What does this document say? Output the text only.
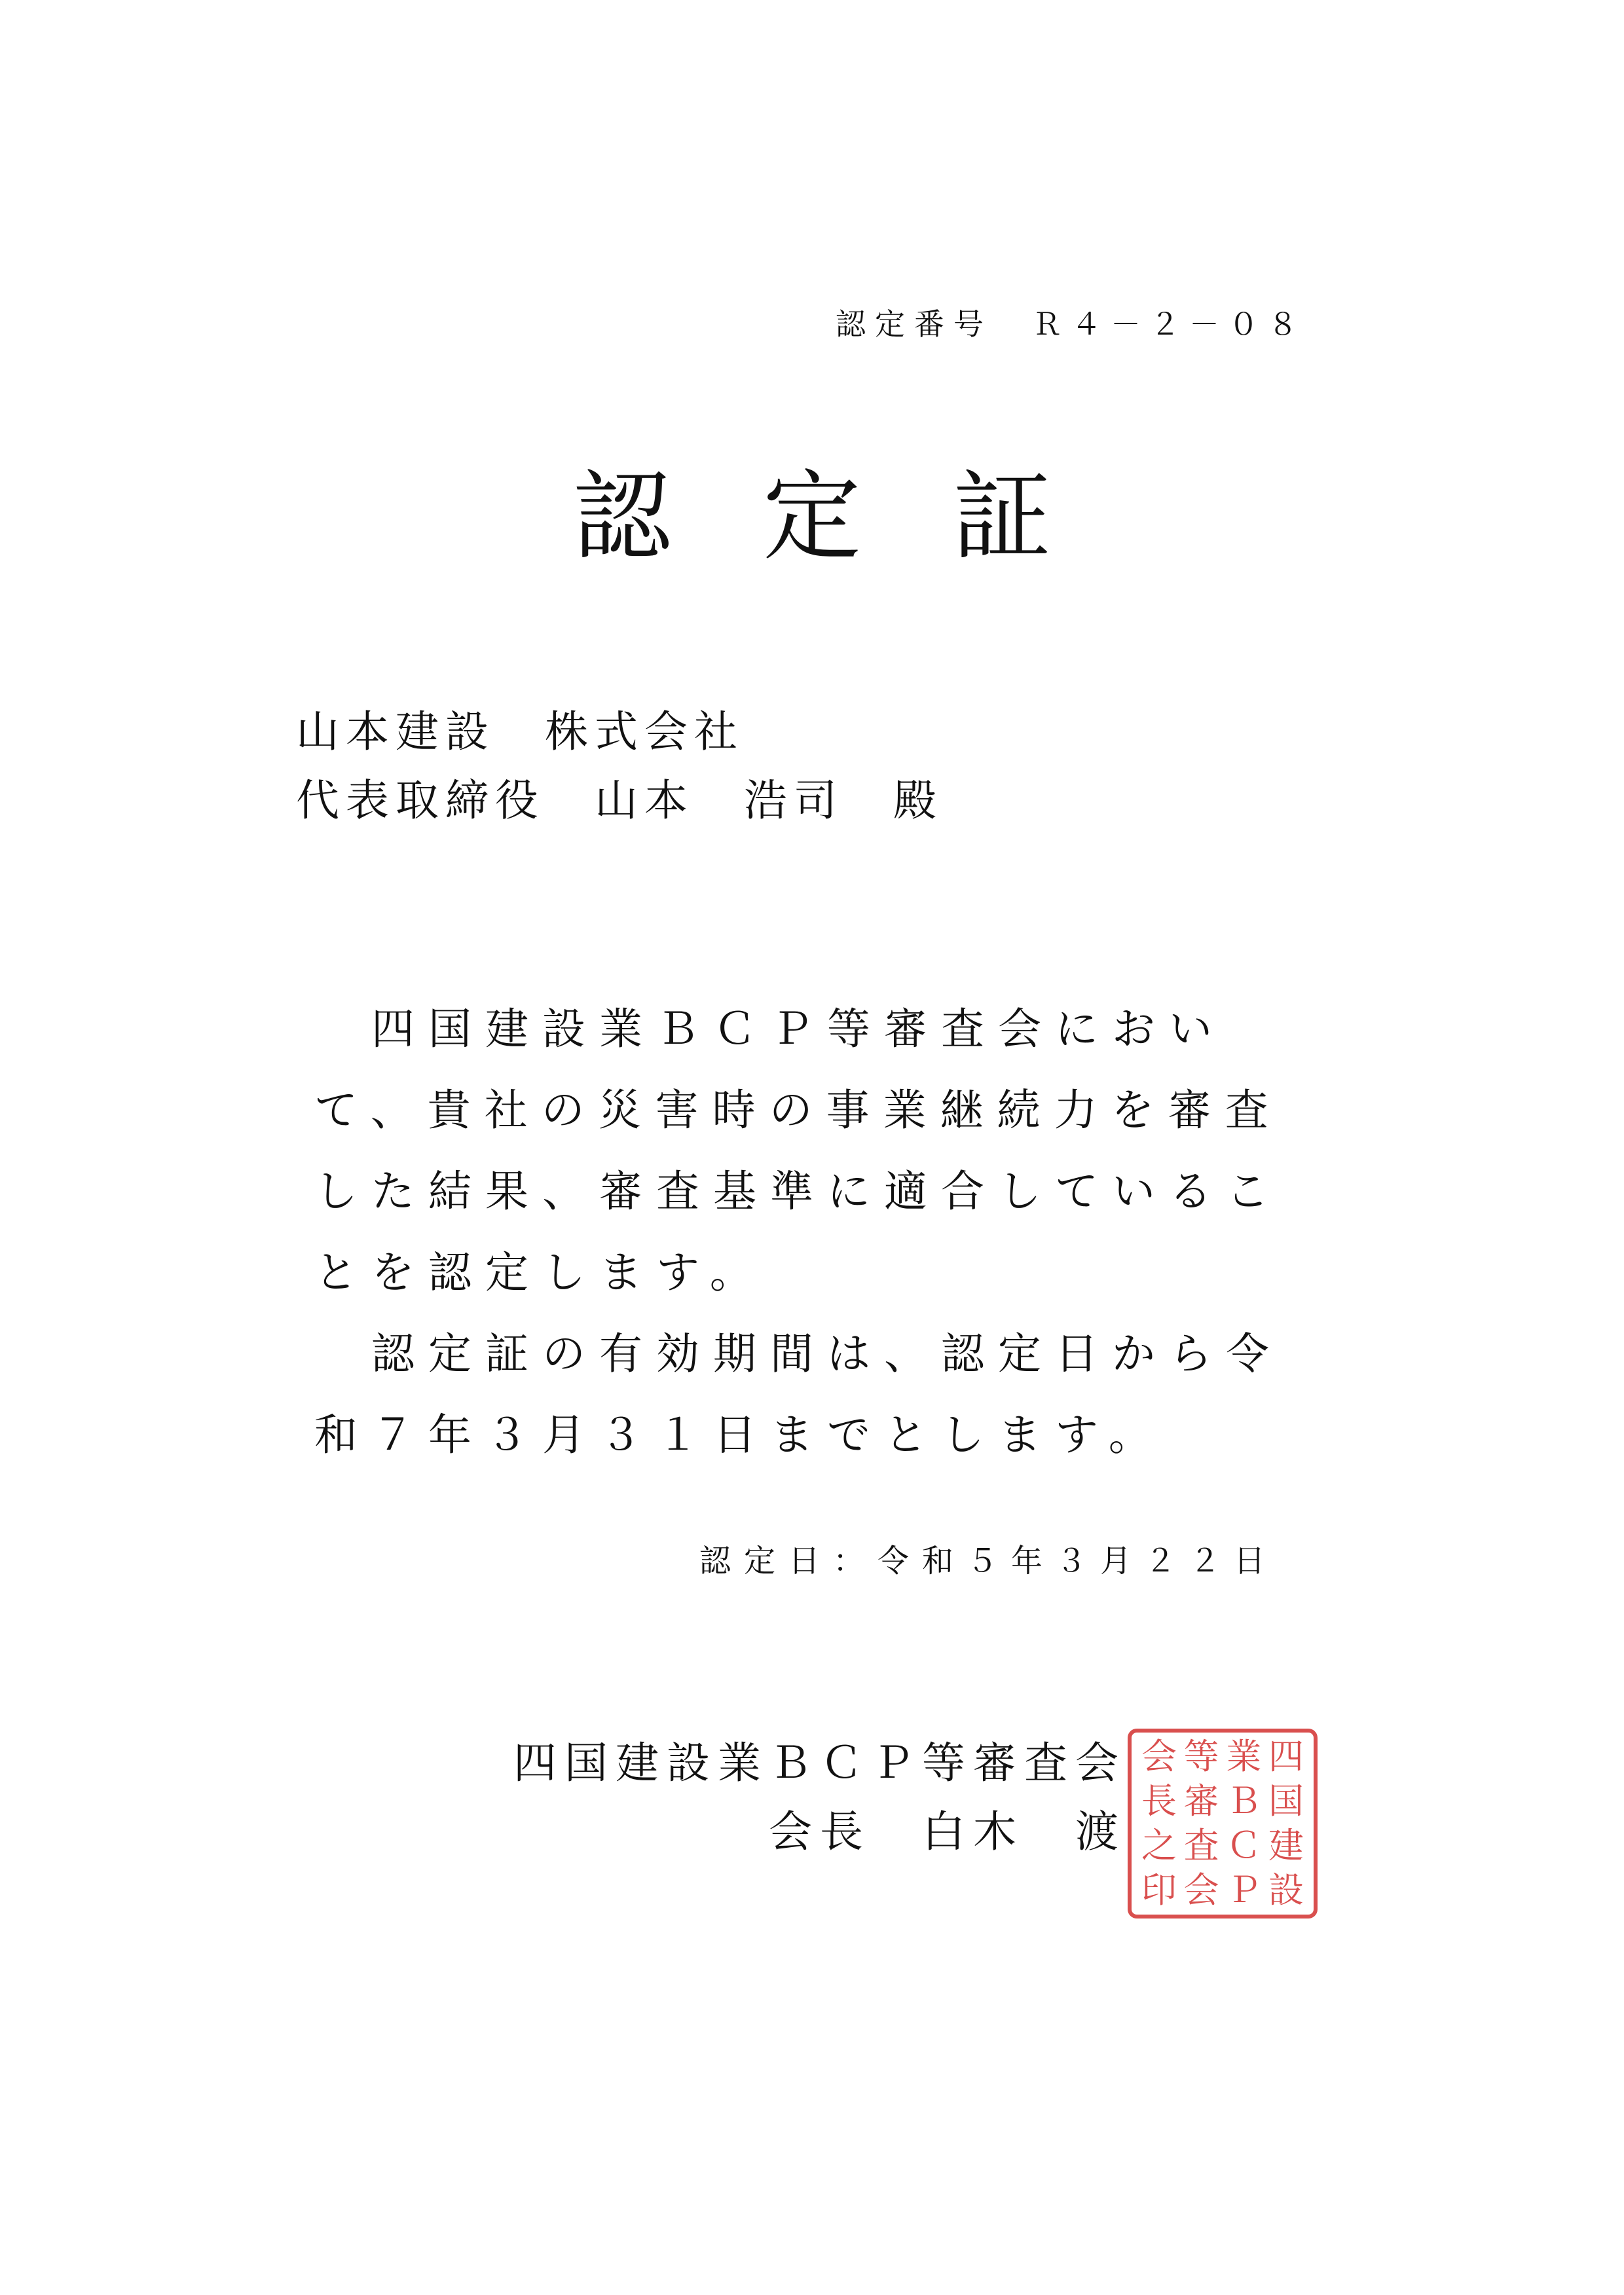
認定番号　Ｒ４－２－０８
認定証
山本建設　株式会社
代表取締役　山本　浩司　殿

四国建設業ＢＣＰ等審査会において、貴社の災害時の事業継続力を審査した結果、審査基準に適合していることを認定します。

認定証の有効期間は、認定日から令和７年３月３１日までとします。

認定日：令和５年３月２２日
四国建設業ＢＣＰ等審査会
会長　白木　渡
四
国
建
設
業
Ｂ
Ｃ
Ｐ
等
審
査
会
会
長
之
印
